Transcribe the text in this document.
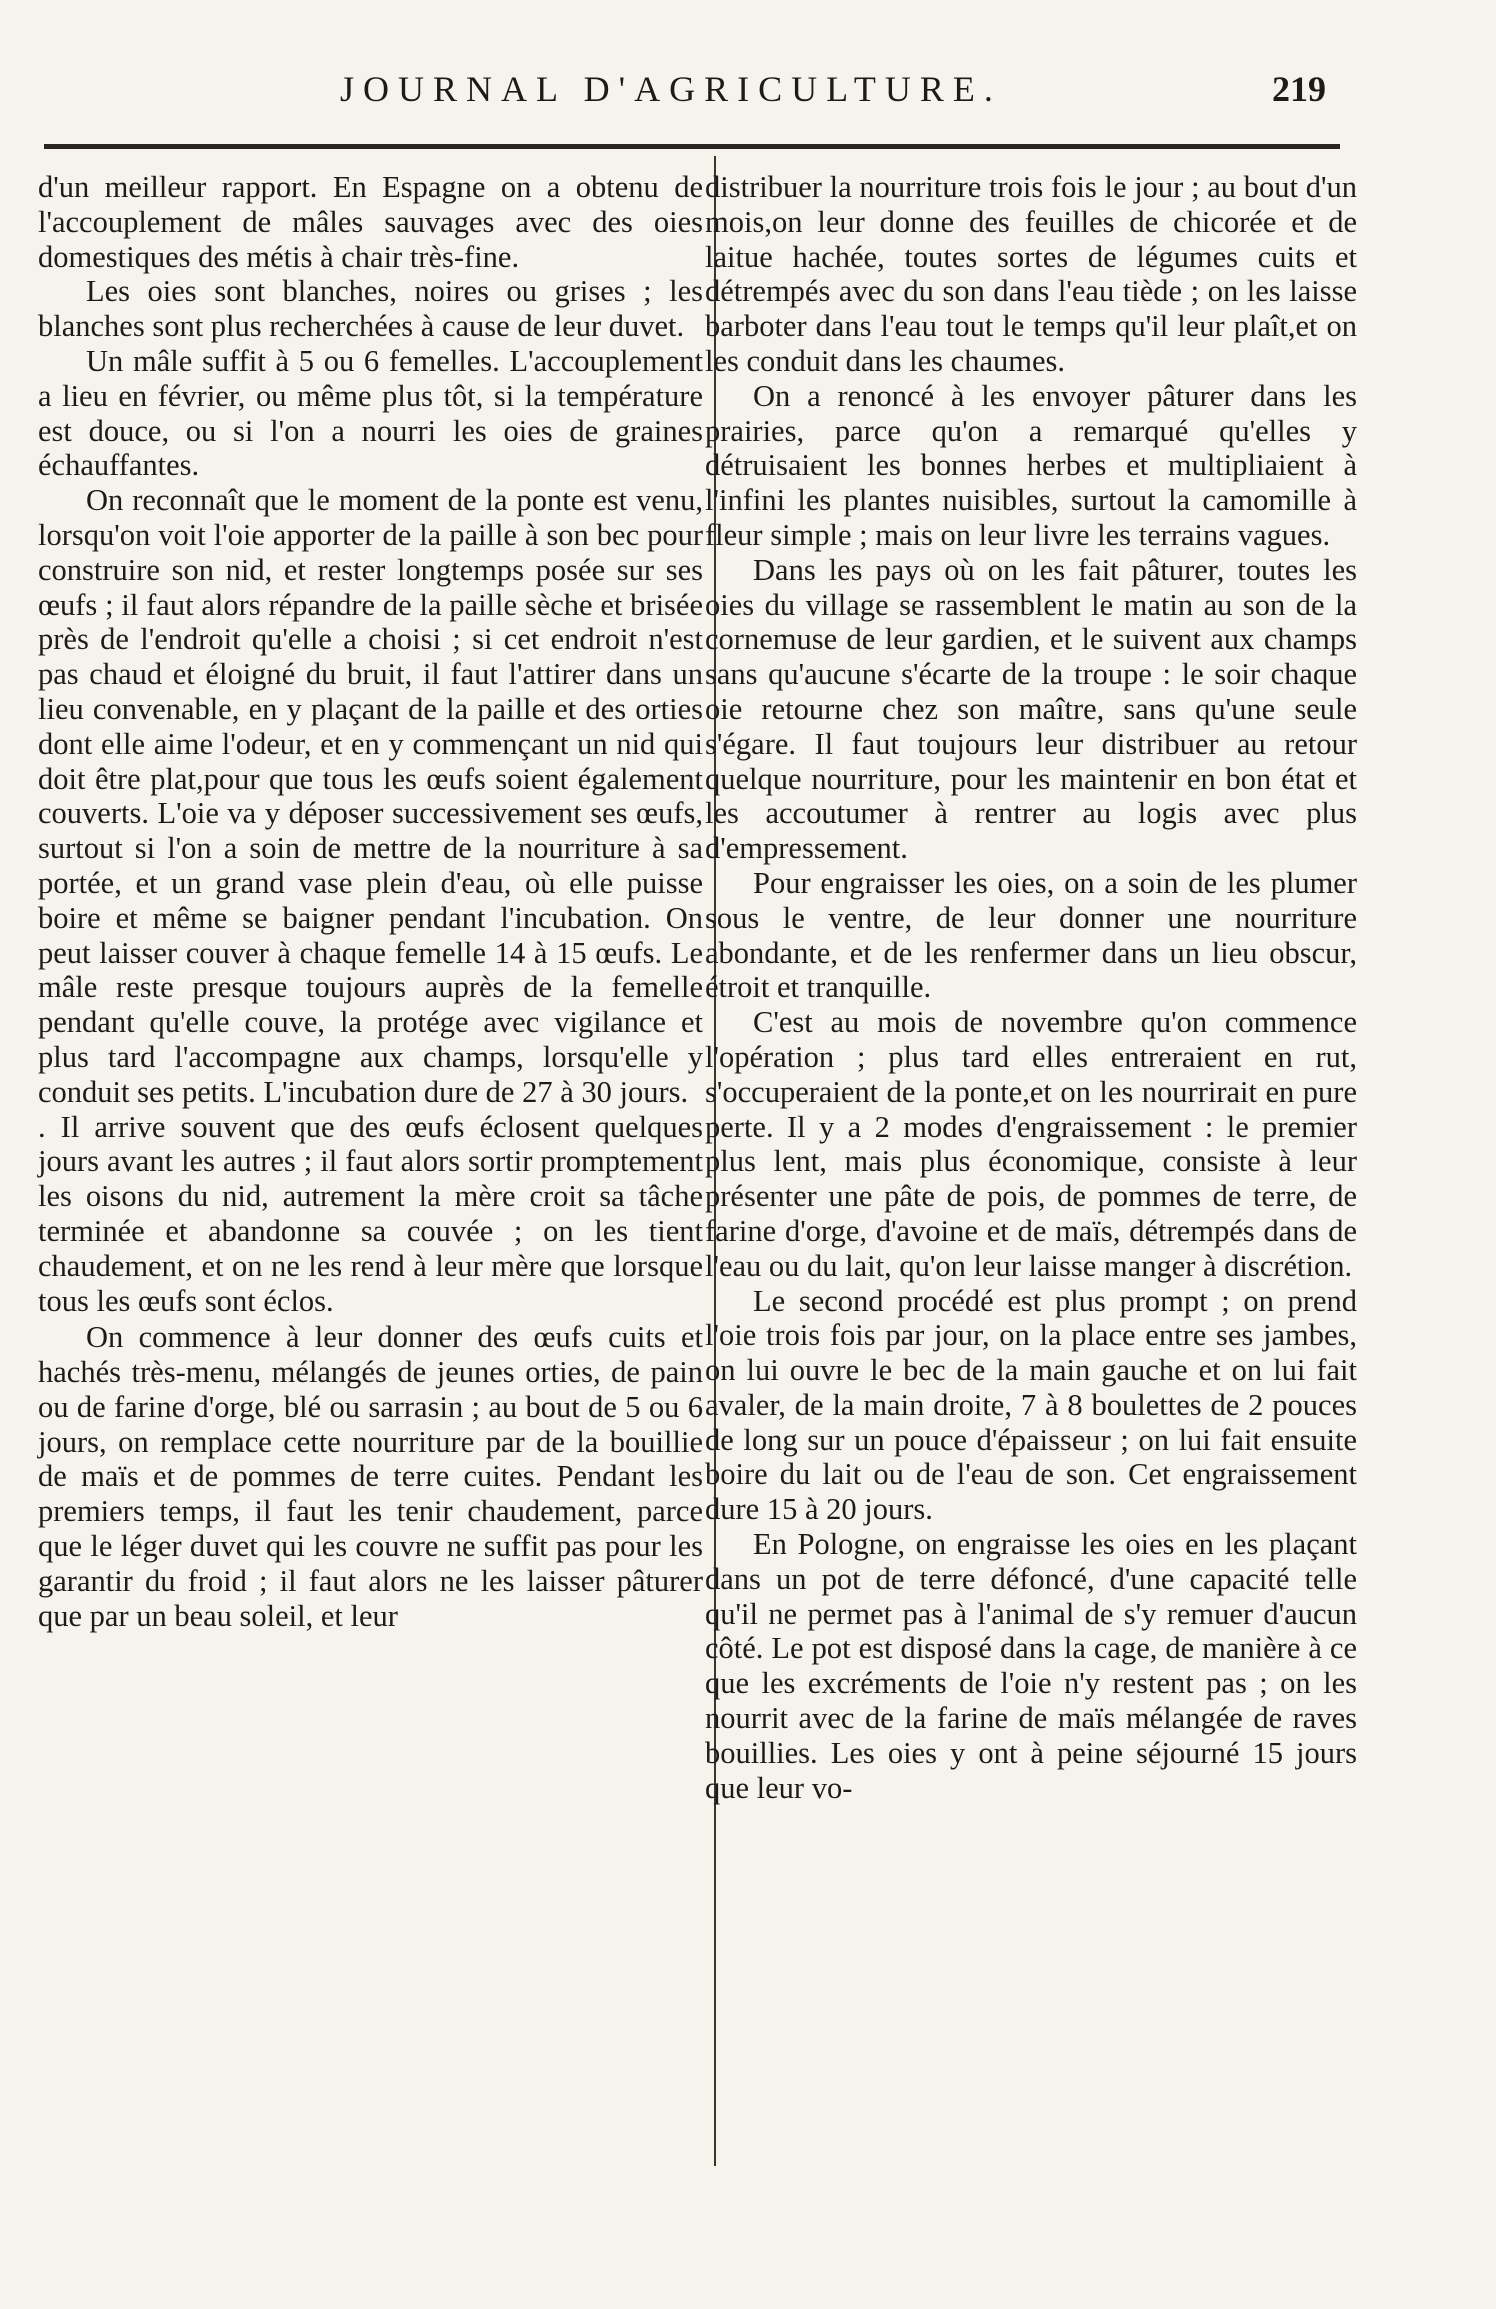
JOURNAL D'AGRICULTURE.	219

d'un meilleur rapport. En Espagne on a obtenu de l'accouplement de mâles sauvages avec des oies domestiques des métis à chair très-fine.

Les oies sont blanches, noires ou grises ; les blanches sont plus recherchées à cause de leur duvet.

Un mâle suffit à 5 ou 6 femelles. L'accouplement a lieu en février, ou même plus tôt, si la température est douce, ou si l'on a nourri les oies de graines échauffantes.

On reconnaît que le moment de la ponte est venu, lorsqu'on voit l'oie apporter de la paille à son bec pour construire son nid, et rester longtemps posée sur ses œufs ; il faut alors répandre de la paille sèche et brisée près de l'endroit qu'elle a choisi ; si cet endroit n'est pas chaud et éloigné du bruit, il faut l'attirer dans un lieu convenable, en y plaçant de la paille et des orties dont elle aime l'odeur, et en y commençant un nid qui doit être plat,pour que tous les œufs soient également couverts. L'oie va y déposer successivement ses œufs, surtout si l'on a soin de mettre de la nourriture à sa portée, et un grand vase plein d'eau, où elle puisse boire et même se baigner pendant l'incubation. On peut laisser couver à chaque femelle 14 à 15 œufs. Le mâle reste presque toujours auprès de la femelle pendant qu'elle couve, la protége avec vigilance et plus tard l'accompagne aux champs, lorsqu'elle y conduit ses petits. L'incubation dure de 27 à 30 jours.

. Il arrive souvent que des œufs éclosent quelques jours avant les autres ; il faut alors sortir promptement les oisons du nid, autrement la mère croit sa tâche terminée et abandonne sa couvée ; on les tient chaudement, et on ne les rend à leur mère que lorsque tous les œufs sont éclos.

On commence à leur donner des œufs cuits et hachés très-menu, mélangés de jeunes orties, de pain ou de farine d'orge, blé ou sarrasin ; au bout de 5 ou 6 jours, on remplace cette nourriture par de la bouillie de maïs et de pommes de terre cuites. Pendant les premiers temps, il faut les tenir chaudement, parce que le léger duvet qui les couvre ne suffit pas pour les garantir du froid ; il faut alors ne les laisser pâturer que par un beau soleil, et leur

distribuer la nourriture trois fois le jour ; au bout d'un mois,on leur donne des feuilles de chicorée et de laitue hachée, toutes sortes de légumes cuits et détrempés avec du son dans l'eau tiède ; on les laisse barboter dans l'eau tout le temps qu'il leur plaît,et on les conduit dans les chaumes.

On a renoncé à les envoyer pâturer dans les prairies, parce qu'on a remarqué qu'elles y détruisaient les bonnes herbes et multipliaient à l'infini les plantes nuisibles, surtout la camomille à fleur simple ; mais on leur livre les terrains vagues.

Dans les pays où on les fait pâturer, toutes les oies du village se rassemblent le matin au son de la cornemuse de leur gardien, et le suivent aux champs sans qu'aucune s'écarte de la troupe : le soir chaque oie retourne chez son maître, sans qu'une seule s'égare. Il faut toujours leur distribuer au retour quelque nourriture, pour les maintenir en bon état et les accoutumer à rentrer au logis avec plus d'empressement.

Pour engraisser les oies, on a soin de les plumer sous le ventre, de leur donner une nourriture abondante, et de les renfermer dans un lieu obscur, étroit et tranquille.

C'est au mois de novembre qu'on commence l'opération ; plus tard elles entreraient en rut, s'occuperaient de la ponte,et on les nourrirait en pure perte. Il y a 2 modes d'engraissement : le premier plus lent, mais plus économique, consiste à leur présenter une pâte de pois, de pommes de terre, de farine d'orge, d'avoine et de maïs, détrempés dans de l'eau ou du lait, qu'on leur laisse manger à discrétion.

Le second procédé est plus prompt ; on prend l'oie trois fois par jour, on la place entre ses jambes, on lui ouvre le bec de la main gauche et on lui fait avaler, de la main droite, 7 à 8 boulettes de 2 pouces de long sur un pouce d'épaisseur ; on lui fait ensuite boire du lait ou de l'eau de son. Cet engraissement dure 15 à 20 jours.

En Pologne, on engraisse les oies en les plaçant dans un pot de terre défoncé, d'une capacité telle qu'il ne permet pas à l'animal de s'y remuer d'aucun côté. Le pot est disposé dans la cage, de manière à ce que les excréments de l'oie n'y restent pas ; on les nourrit avec de la farine de maïs mélangée de raves bouillies. Les oies y ont à peine séjourné 15 jours que leur vo-
